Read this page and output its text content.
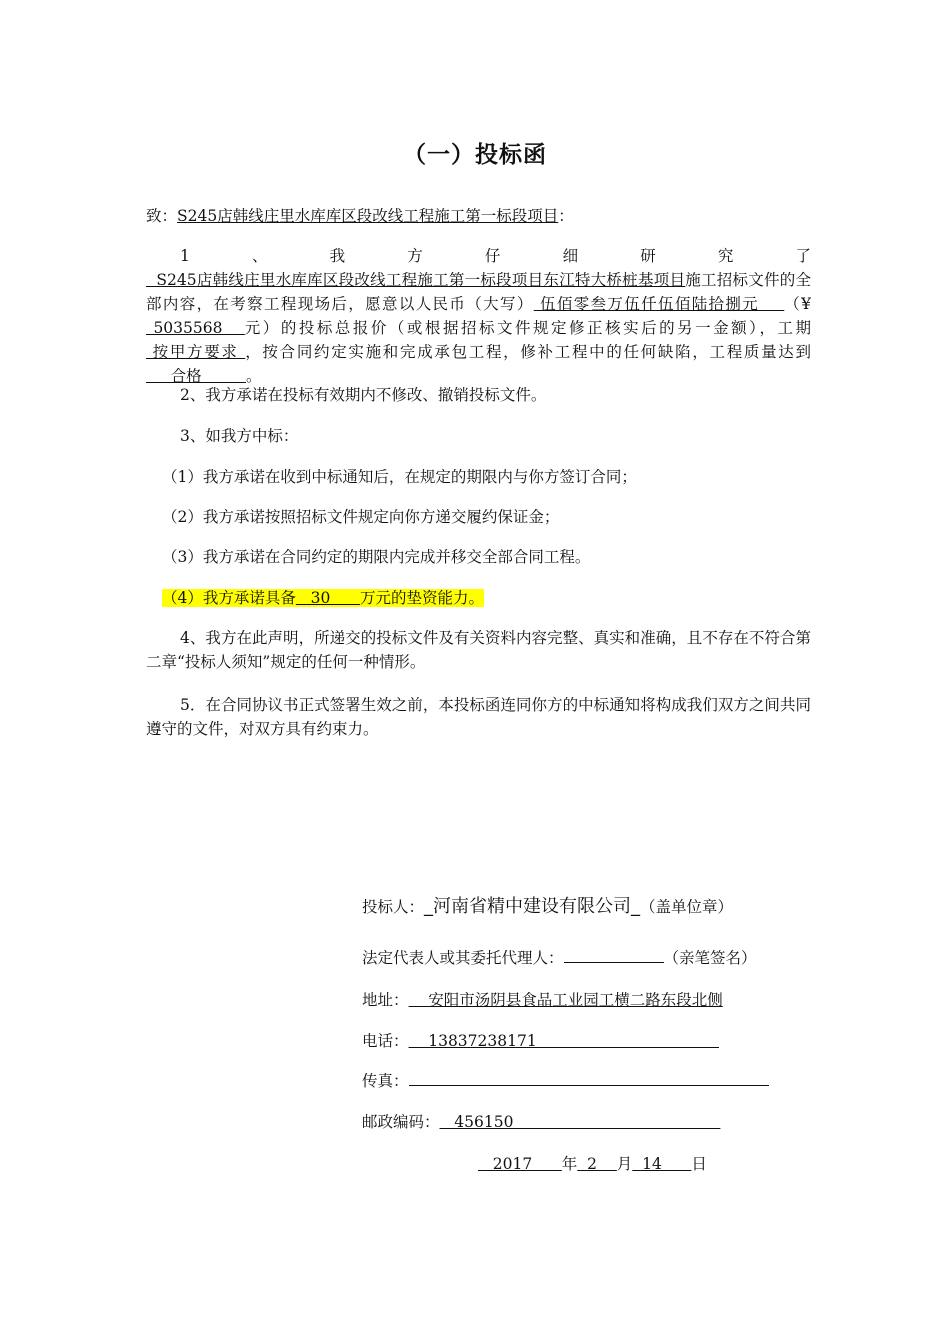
（一）投标函
致：S245店韩线庄里水库库区段改线工程施工第一标段项目：
1、我方仔细研究了  S245店韩线庄里水库库区段改线工程施工第一标段项目东江特大桥桩基项目施工招标文件的全部内容，在考察工程现场后，愿意以人民币（大写） 伍佰零叁万伍仟伍佰陆拾捌元    （¥ 5035568   元）的投标总报价（或根据招标文件规定修正核实后的另一金额），工期 按甲方要求 ，按合同约定实施和完成承包工程，修补工程中的任何缺陷，工程质量达到     合格         。
2、我方承诺在投标有效期内不修改、撤销投标文件。
3、如我方中标：
（1）我方承诺在收到中标通知后，在规定的期限内与你方签订合同；
（2）我方承诺按照招标文件规定向你方递交履约保证金；
（3）我方承诺在合同约定的期限内完成并移交全部合同工程。
（4）我方承诺具备   30      万元的垫资能力。
4、我方在此声明，所递交的投标文件及有关资料内容完整、真实和准确，且不存在不符合第二章“投标人须知”规定的任何一种情形。
5．在合同协议书正式签署生效之前，本投标函连同你方的中标通知将构成我们双方之间共同遵守的文件，对双方具有约束力。
投标人：_河南省精中建设有限公司_（盖单位章）
法定代表人或其委托代理人：	（亲笔签名）
地址：    安阳市汤阴县食品工业园工横二路东段北侧
电话：    13837238171
传真：
邮政编码：   456150
2017      年  2    月  14      日
